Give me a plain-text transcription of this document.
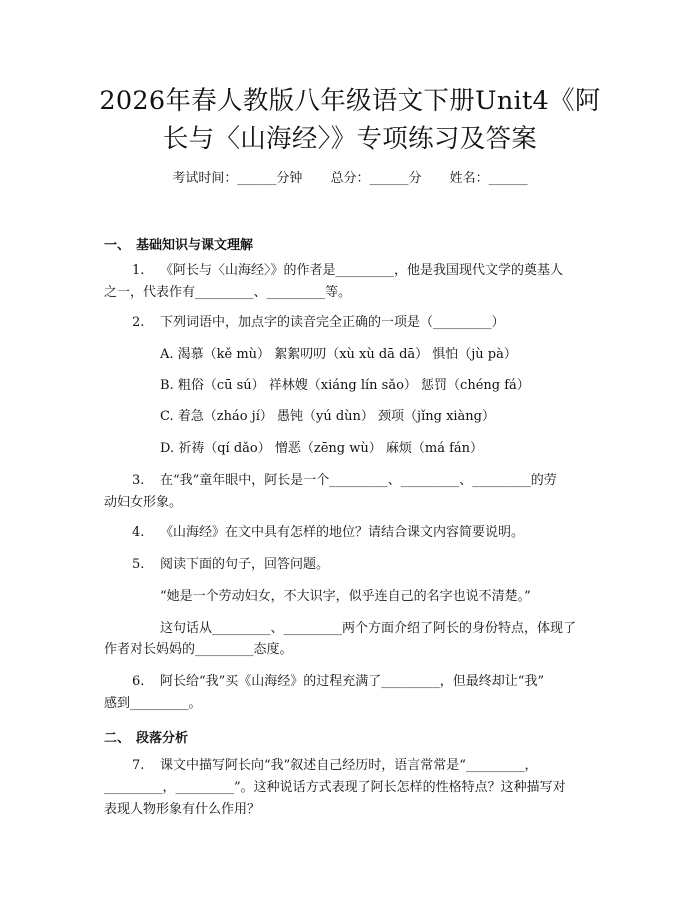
2026年春人教版八年级语文下册Unit4《阿
长与〈山海经〉》专项练习及答案
考试时间：______分钟 总分：______分 姓名：______
一、 基础知识与课文理解
1. 《阿长与〈山海经〉》的作者是_________，他是我国现代文学的奠基人
之一，代表作有_________、_________等。
2. 下列词语中，加点字的读音完全正确的一项是（_________）
A. 渴慕（kě mù） 絮絮叨叨（xù xù dā dā） 惧怕（jù pà）
B. 粗俗（cū sú） 祥林嫂（xiáng lín sǎo） 惩罚（chéng fá）
C. 着急（zháo jí） 愚钝（yú dùn） 颈项（jǐng xiàng）
D. 祈祷（qí dǎo） 憎恶（zēng wù） 麻烦（má fán）
3. 在“我”童年眼中，阿长是一个_________、_________、_________的劳
动妇女形象。
4. 《山海经》在文中具有怎样的地位？请结合课文内容简要说明。
5. 阅读下面的句子，回答问题。
“她是一个劳动妇女，不大识字，似乎连自己的名字也说不清楚。”
这句话从_________、_________两个方面介绍了阿长的身份特点，体现了
作者对长妈妈的_________态度。
6. 阿长给“我”买《山海经》的过程充满了_________，但最终却让“我”
感到_________。
二、 段落分析
7. 课文中描写阿长向“我”叙述自己经历时，语言常常是“_________，
_________，_________”。这种说话方式表现了阿长怎样的性格特点？这种描写对
表现人物形象有什么作用？
